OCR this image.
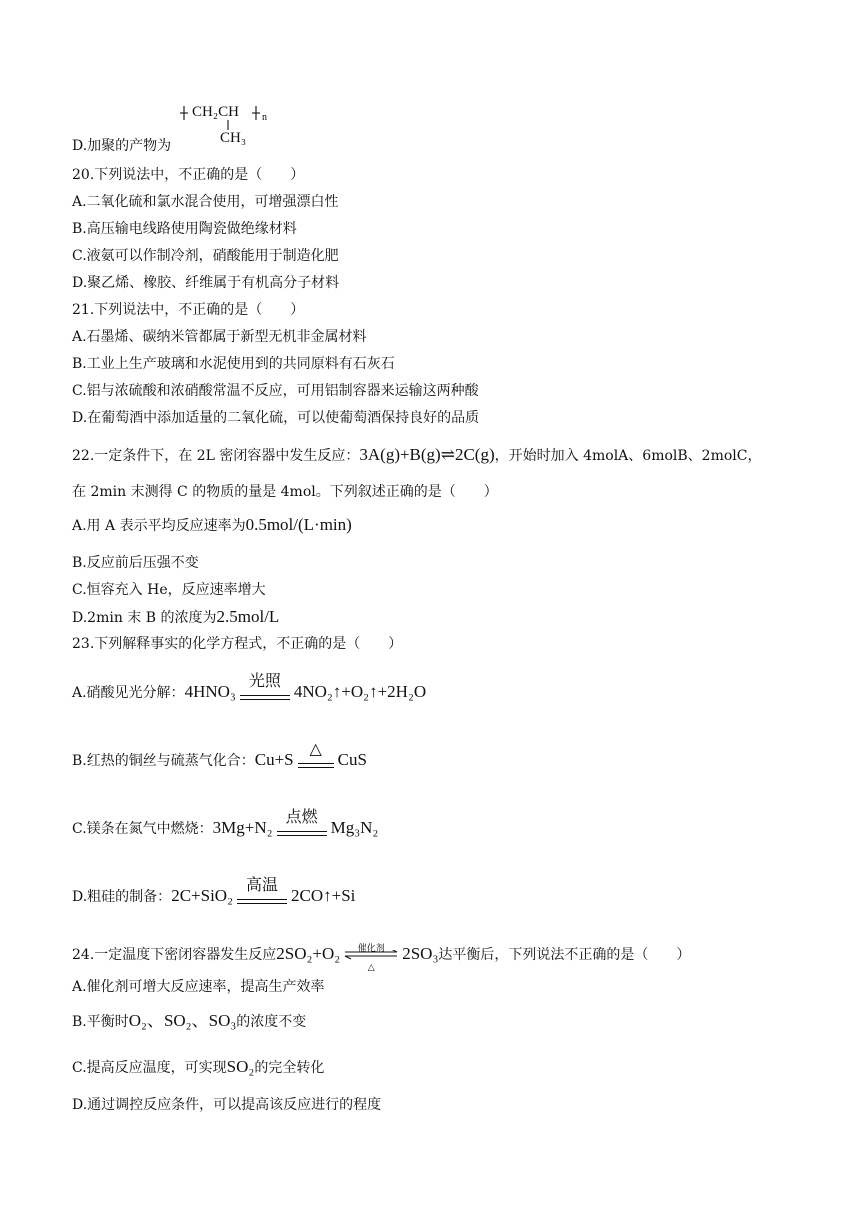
D.加聚的产物为
CH₂CH n
CH₃
20.下列说法中，不正确的是（　　）
A.二氧化硫和氯水混合使用，可增强漂白性
B.高压输电线路使用陶瓷做绝缘材料
C.液氨可以作制冷剂，硝酸能用于制造化肥
D.聚乙烯、橡胶、纤维属于有机高分子材料
21.下列说法中，不正确的是（　　）
A.石墨烯、碳纳米管都属于新型无机非金属材料
B.工业上生产玻璃和水泥使用到的共同原料有石灰石
C.铝与浓硫酸和浓硝酸常温不反应，可用铝制容器来运输这两种酸
D.在葡萄酒中添加适量的二氧化硫，可以使葡萄酒保持良好的品质
22.一定条件下，在 2L 密闭容器中发生反应：3A(g)+B(g)⇌2C(g)，开始时加入 4molA、6molB、2molC，
在 2min 末测得 C 的物质的量是 4mol。下列叙述正确的是（　　）
A.用 A 表示平均反应速率为0.5mol/(L·min)
B.反应前后压强不变
C.恒容充入 He，反应速率增大
D.2min 末 B 的浓度为2.5mol/L
23.下列解释事实的化学方程式，不正确的是（　　）
A.硝酸见光分解：4HNO₃
光照
4NO₂↑+O₂↑+2H₂O
B.红热的铜丝与硫蒸气化合：Cu+S
△
CuS
C.镁条在氮气中燃烧：3Mg+N₂
点燃
Mg₃N₂
D.粗硅的制备：2C+SiO₂
高温
2CO↑+Si
24.一定温度下密闭容器发生反应2SO₂+O₂	催化剂
△
2SO₃达平衡后，下列说法不正确的是（　　）
A.催化剂可增大反应速率，提高生产效率
B.平衡时O₂、SO₂、SO₃的浓度不变
C.提高反应温度，可实现SO₂的完全转化
D.通过调控反应条件，可以提高该反应进行的程度
